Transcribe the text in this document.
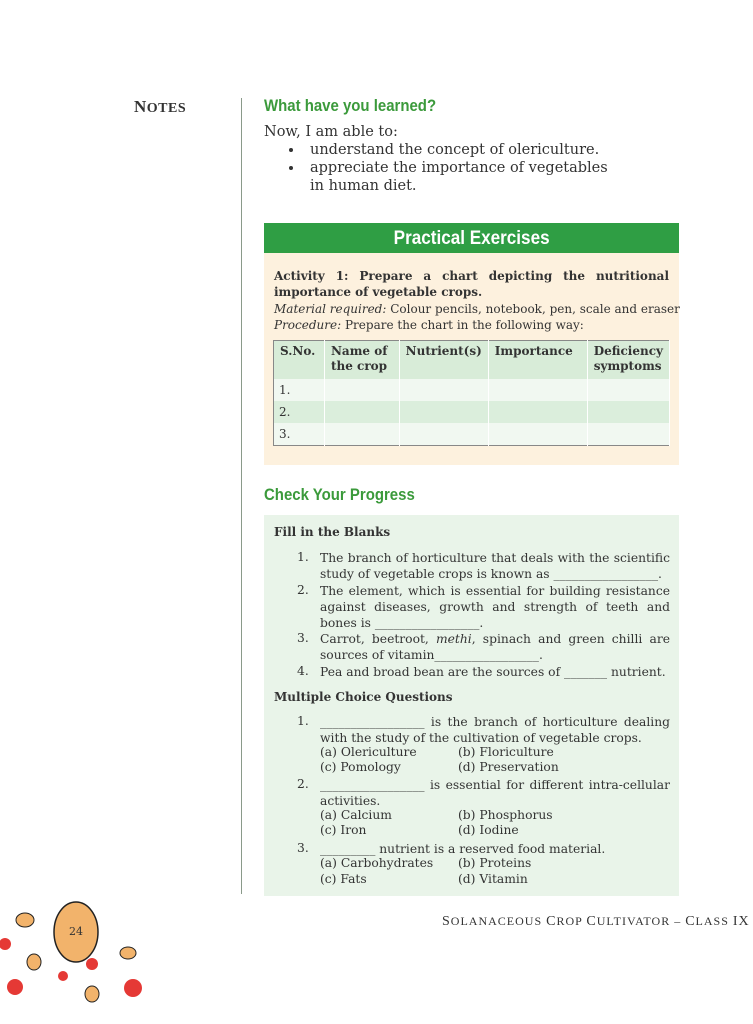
NOTES	What have you learned?
Now, I am able to:
• understand the concept of olericulture.
• appreciate the importance of vegetables in human diet.
Practical Exercises
Activity 1: Prepare a chart depicting the nutritional importance of vegetable crops.
Material required: Colour pencils, notebook, pen, scale and eraser
Procedure: Prepare the chart in the following way:
S.No.	Name of the crop	Nutrient(s)	Importance	Deficiency symptoms
1.				
2.				
3.				
Check Your Progress
Fill in the Blanks
1. The branch of horticulture that deals with the scientific study of vegetable crops is known as _________________.
2. The element, which is essential for building resistance against diseases, growth and strength of teeth and bones is _________________.
3. Carrot, beetroot, methi, spinach and green chilli are sources of vitamin_________________.
4. Pea and broad bean are the sources of _______ nutrient.
Multiple Choice Questions
1. _________________ is the branch of horticulture dealing with the study of the cultivation of vegetable crops.
(a) Olericulture	(b) Floriculture
(c) Pomology	(d) Preservation
2. _________________ is essential for different intra-cellular activities.
(a) Calcium	(b) Phosphorus
(c) Iron	(d) Iodine
3. _________ nutrient is a reserved food material.
(a) Carbohydrates (b) Proteins
(c) Fats	(d) Vitamin
SOLANACEOUS CROP CULTIVATOR – CLASS IX
24
